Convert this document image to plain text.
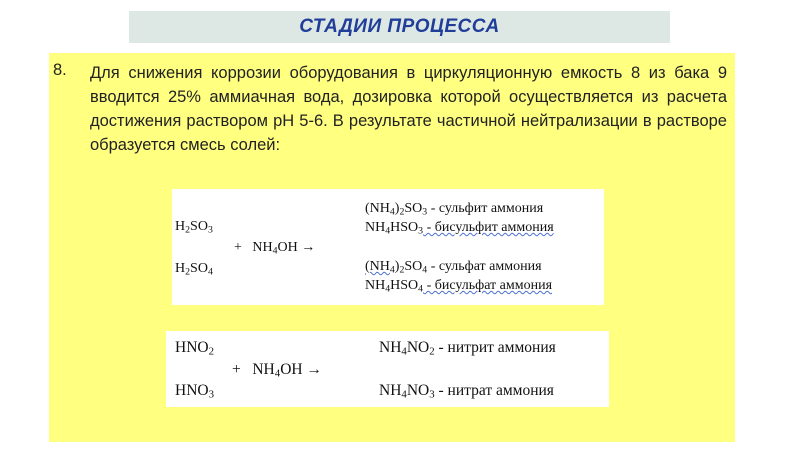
СТАДИИ ПРОЦЕССА
8. Для снижения коррозии оборудования в циркуляционную емкость 8 из бака 9 вводится 25% аммиачная вода, дозировка которой осуществляется из расчета достижения раствором рН 5-6. В результате частичной нейтрализации в растворе образуется смесь солей:
$H_2SO_3$
$H_2SO_4$
+   $NH_4OH$ →
$(NH_4)_2SO_3$ - сульфит аммония
$NH_4HSO_3$ - бисульфит аммония
$(NH_4)_2SO_4$ - сульфат аммония
$NH_4HSO_4$ - бисульфат аммония
$HNO_2$
$HNO_3$
+   $NH_4OH$ →
$NH_4NO_2$ - нитрит аммония
$NH_4NO_3$ - нитрат аммония
